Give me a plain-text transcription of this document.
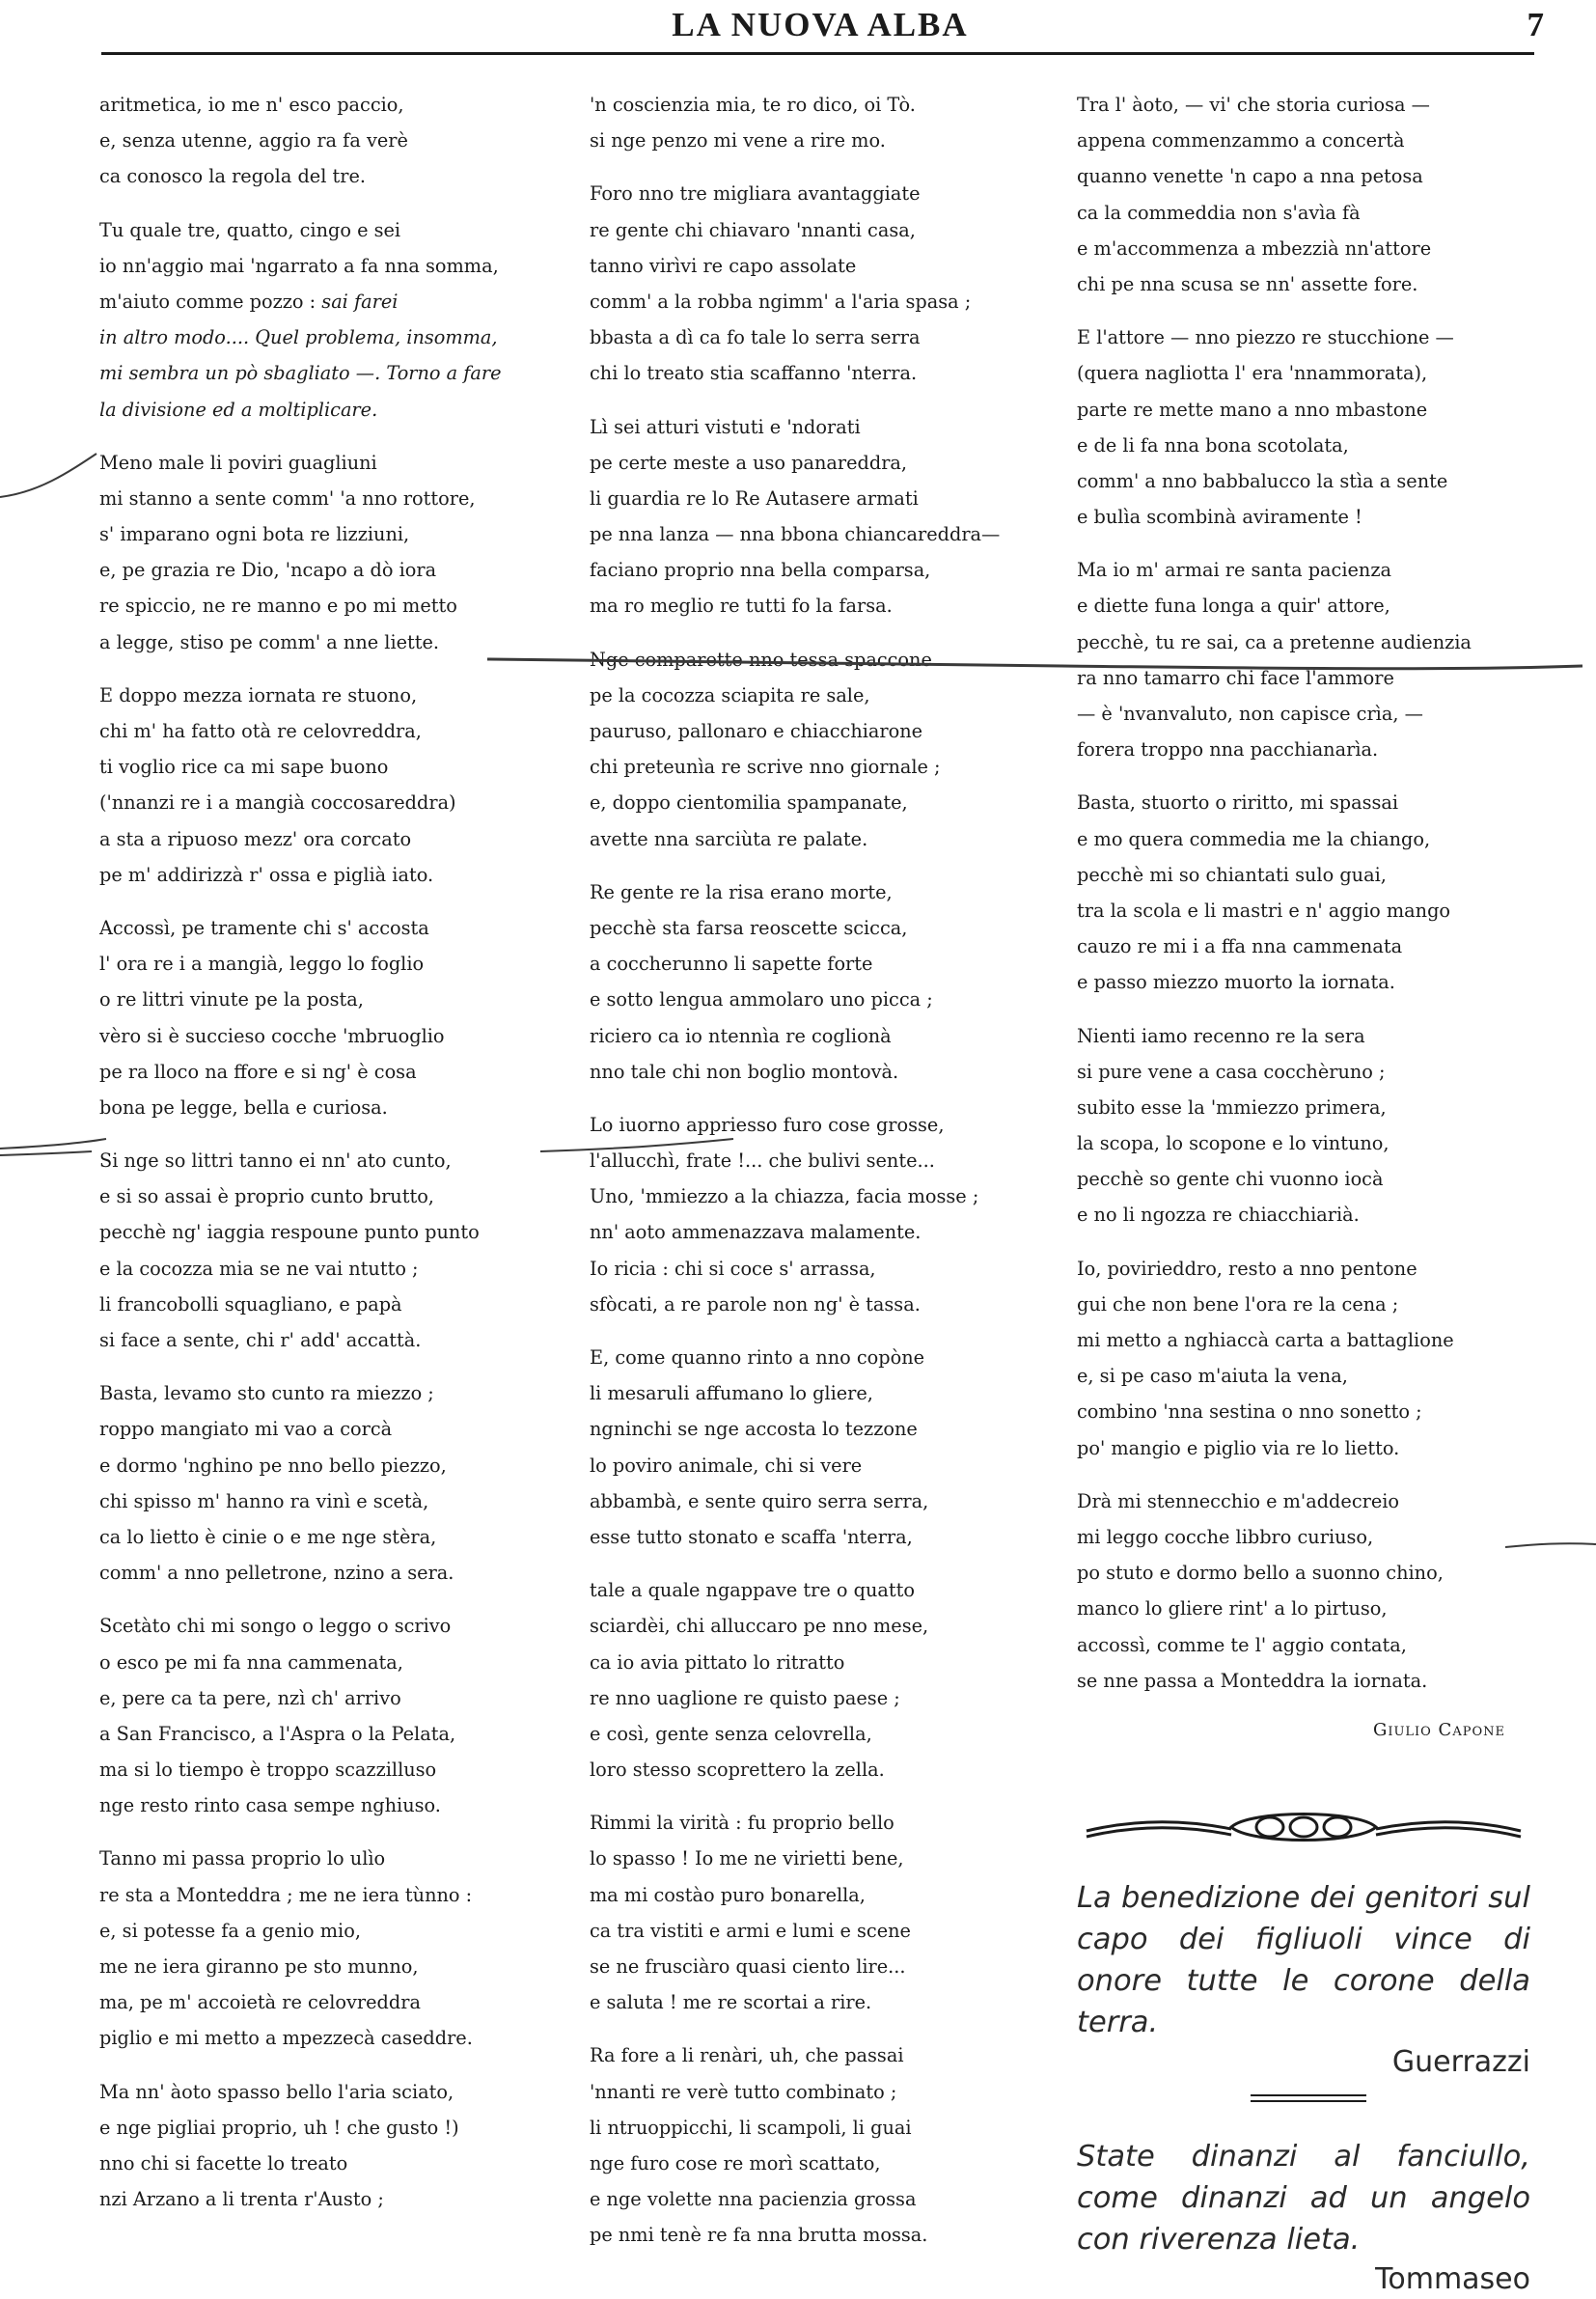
LA NUOVA ALBA	7
aritmetica, io me n' esco paccio,
e, senza utenne, aggio ra fa verè
ca conosco la regola del tre.
Tu quale tre, quatto, cingo e sei
io nn'aggio mai 'ngarrato a fa nna somma,
m'aiuto comme pozzo : sai farei
in altro modo.... Quel problema, insomma,
mi sembra un pò sbagliato —. Torno a fare
la divisione ed a moltiplicare.
Meno male li poviri guagliuni
mi stanno a sente comm' 'a nno rottore,
s' imparano ogni bota re lizziuni,
e, pe grazia re Dio, 'ncapo a dò iora
re spiccio, ne re manno e po mi metto
a legge, stiso pe comm' a nne liette.
E doppo mezza iornata re stuono,
chi m' ha fatto otà re celovreddra,
ti voglio rice ca mi sape buono
('nnanzi re i a mangià coccosareddra)
a sta a ripuoso mezz' ora corcato
pe m' addirizzà r' ossa e piglià iato.
Accossì, pe tramente chi s' accosta
l' ora re i a mangià, leggo lo foglio
o re littri vinute pe la posta,
vèro si è succieso cocche 'mbruoglio
pe ra lloco na ffore e si ng' è cosa
bona pe legge, bella e curiosa.
Si nge so littri tanno ei nn' ato cunto,
e si so assai è proprio cunto brutto,
pecchè ng' iaggia respoune punto punto
e la cocozza mia se ne vai ntutto ;
li francobolli squagliano, e papà
si face a sente, chi r' add' accattà.
Basta, levamo sto cunto ra miezzo ;
roppo mangiato mi vao a corcà
e dormo 'nghino pe nno bello piezzo,
chi spisso m' hanno ra vinì e scetà,
ca lo lietto è cinie o e me nge stèra,
comm' a nno pelletrone, nzino a sera.
Scetàto chi mi songo o leggo o scrivo
o esco pe mi fa nna cammenata,
e, pere ca ta pere, nzì ch' arrivo
a San Francisco, a l'Aspra o la Pelata,
ma si lo tiempo è troppo scazzilluso
nge resto rinto casa sempe nghiuso.
Tanno mi passa proprio lo ulìo
re sta a Monteddra ; me ne iera tùnno :
e, si potesse fa a genio mio,
me ne iera giranno pe sto munno,
ma, pe m' accoietà re celovreddra
piglio e mi metto a mpezzecà caseddre.
Ma nn' àoto spasso bello l'aria sciato,
e nge pigliai proprio, uh ! che gusto !)
nno chi si facette lo treato
nzi Arzano a li trenta r'Austo ;
'n coscienzia mia, te ro dico, oi Tò.
si nge penzo mi vene a rire mo.
Foro nno tre migliara avantaggiate
re gente chi chiavaro 'nnanti casa,
tanno virìvi re capo assolate
comm' a la robba ngimm' a l'aria spasa ;
bbasta a dì ca fo tale lo serra serra
chi lo treato stia scaffanno 'nterra.
Lì sei atturi vistuti e 'ndorati
pe certe meste a uso panareddra,
li guardia re lo Re Autasere armati
pe nna lanza — nna bbona chiancareddra—
faciano proprio nna bella comparsa,
ma ro meglio re tutti fo la farsa.
Nge comparette nno tessa spaccone
pe la cocozza sciapita re sale,
pauruso, pallonaro e chiacchiarone
chi preteunìa re scrive nno giornale ;
e, doppo cientomilia spampanate,
avette nna sarciùta re palate.
Re gente re la risa erano morte,
pecchè sta farsa reoscette scicca,
a coccherunno li sapette forte
e sotto lengua ammolaro uno picca ;
riciero ca io ntennìa re coglionà
nno tale chi non boglio montovà.
Lo iuorno appriesso furo cose grosse,
l'allucchì, frate !... che bulivi sente...
Uno, 'mmiezzo a la chiazza, facia mosse ;
nn' aoto ammenazzava malamente.
Io ricia : chi si coce s' arrassa,
sfòcati, a re parole non ng' è tassa.
E, come quanno rinto a nno copòne
li mesaruli affumano lo gliere,
ngninchi se nge accosta lo tezzone
lo poviro animale, chi si vere
abbambà, e sente quiro serra serra,
esse tutto stonato e scaffa 'nterra,
tale a quale ngappave tre o quatto
sciardèi, chi alluccaro pe nno mese,
ca io avia pittato lo ritratto
re nno uaglione re quisto paese ;
e così, gente senza celovrella,
loro stesso scoprettero la zella.
Rimmi la virità : fu proprio bello
lo spasso ! Io me ne virietti bene,
ma mi costào puro bonarella,
ca tra vistiti e armi e lumi e scene
se ne frusciàro quasi ciento lire...
e saluta ! me re scortai a rire.
Ra fore a li renàri, uh, che passai
'nnanti re verè tutto combinato ;
li ntruoppicchi, li scampoli, li guai
nge furo cose re morì scattato,
e nge volette nna pacienzia grossa
pe nmi tenè re fa nna brutta mossa.
Tra l' àoto, — vi' che storia curiosa —
appena commenzammo a concertà
quanno venette 'n capo a nna petosa
ca la commeddia non s'avìa fà
e m'accommenza a mbezzià nn'attore
chi pe nna scusa se nn' assette fore.
E l'attore — nno piezzo re stucchione —
(quera nagliotta l' era 'nnammorata),
parte re mette mano a nno mbastone
e de li fa nna bona scotolata,
comm' a nno babbalucco la stìa a sente
e bulìa scombinà aviramente !
Ma io m' armai re santa pacienza
e diette funa longa a quir' attore,
pecchè, tu re sai, ca a pretenne audienzia
ra nno tamarro chi face l'ammore
— è 'nvanvaluto, non capisce crìa, —
forera troppo nna pacchianarìa.
Basta, stuorto o riritto, mi spassai
e mo quera commedia me la chiango,
pecchè mi so chiantati sulo guai,
tra la scola e li mastri e n' aggio mango
cauzo re mi i a ffa nna cammenata
e passo miezzo muorto la iornata.
Nienti iamo recenno re la sera
si pure vene a casa cocchèruno ;
subito esse la 'mmiezzo primera,
la scopa, lo scopone e lo vintuno,
pecchè so gente chi vuonno iocà
e no li ngozza re chiacchiarià.
Io, povirieddro, resto a nno pentone
gui che non bene l'ora re la cena ;
mi metto a nghiaccà carta a battaglione
e, si pe caso m'aiuta la vena,
combino 'nna sestina o nno sonetto ;
po' mangio e piglio via re lo lietto.
Drà mi stennecchio e m'addecreio
mi leggo cocche libbro curiuso,
po stuto e dormo bello a suonno chino,
manco lo gliere rint' a lo pirtuso,
accossì, comme te l' aggio contata,
se nne passa a Monteddra la iornata.
Giulio Capone
La benedizione dei genitori sul capo dei figliuoli vince di onore tutte le corone della terra.
Guerrazzi
State dinanzi al fanciullo, come dinanzi ad un angelo con riverenza lieta.
Tommaseo
